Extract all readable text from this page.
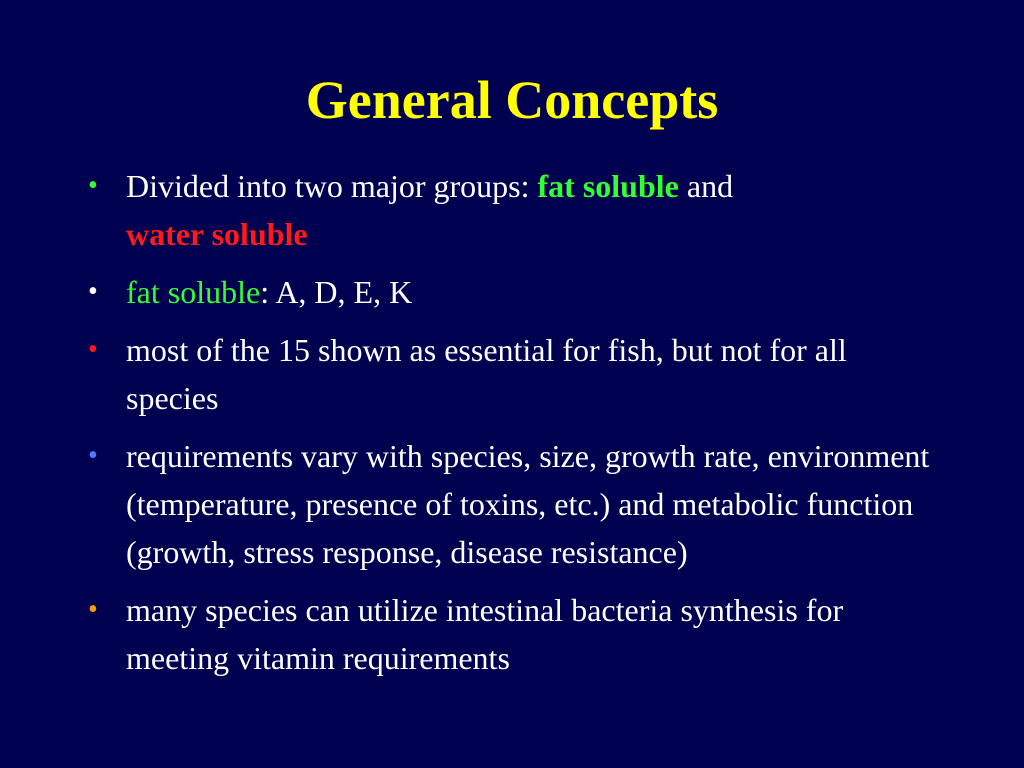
General Concepts
• Divided into two major groups: fat soluble and
water soluble
• fat soluble: A, D, E, K
• most of the 15 shown as essential for fish, but not for all species
• requirements vary with species, size, growth rate, environment (temperature, presence of toxins, etc.) and metabolic function (growth, stress response, disease resistance)
• many species can utilize intestinal bacteria synthesis for meeting vitamin requirements
